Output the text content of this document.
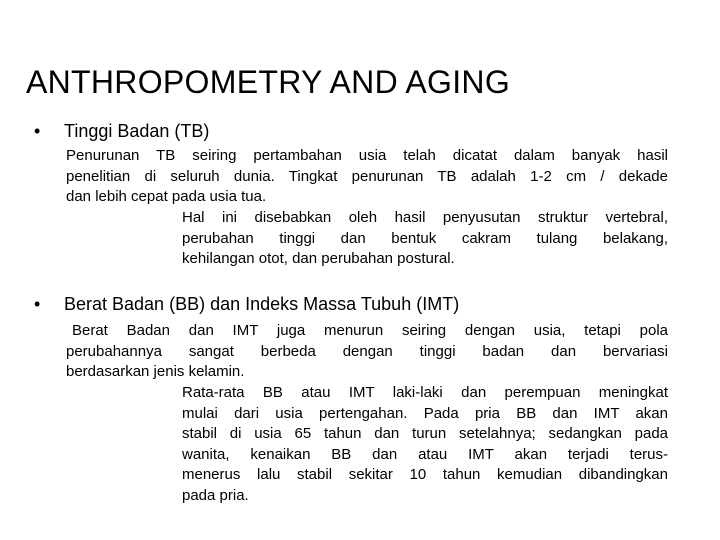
ANTHROPOMETRY AND AGING
• Tinggi Badan (TB)
Penurunan TB seiring pertambahan usia telah dicatat dalam banyak hasil
penelitian di seluruh dunia. Tingkat penurunan TB adalah 1-2 cm / dekade
dan lebih cepat pada usia tua.
Hal ini disebabkan oleh hasil penyusutan struktur vertebral,
perubahan tinggi dan bentuk cakram tulang belakang,
kehilangan otot, dan perubahan postural.
• Berat Badan (BB) dan Indeks Massa Tubuh (IMT)
Berat Badan dan IMT juga menurun seiring dengan usia, tetapi pola
perubahannya sangat berbeda dengan tinggi badan dan bervariasi
berdasarkan jenis kelamin.
Rata-rata BB atau IMT laki-laki dan perempuan meningkat
mulai dari usia pertengahan. Pada pria BB dan IMT akan
stabil di usia 65 tahun dan turun setelahnya; sedangkan pada
wanita, kenaikan BB dan atau IMT akan terjadi terus-
menerus lalu stabil sekitar 10 tahun kemudian dibandingkan
pada pria.
